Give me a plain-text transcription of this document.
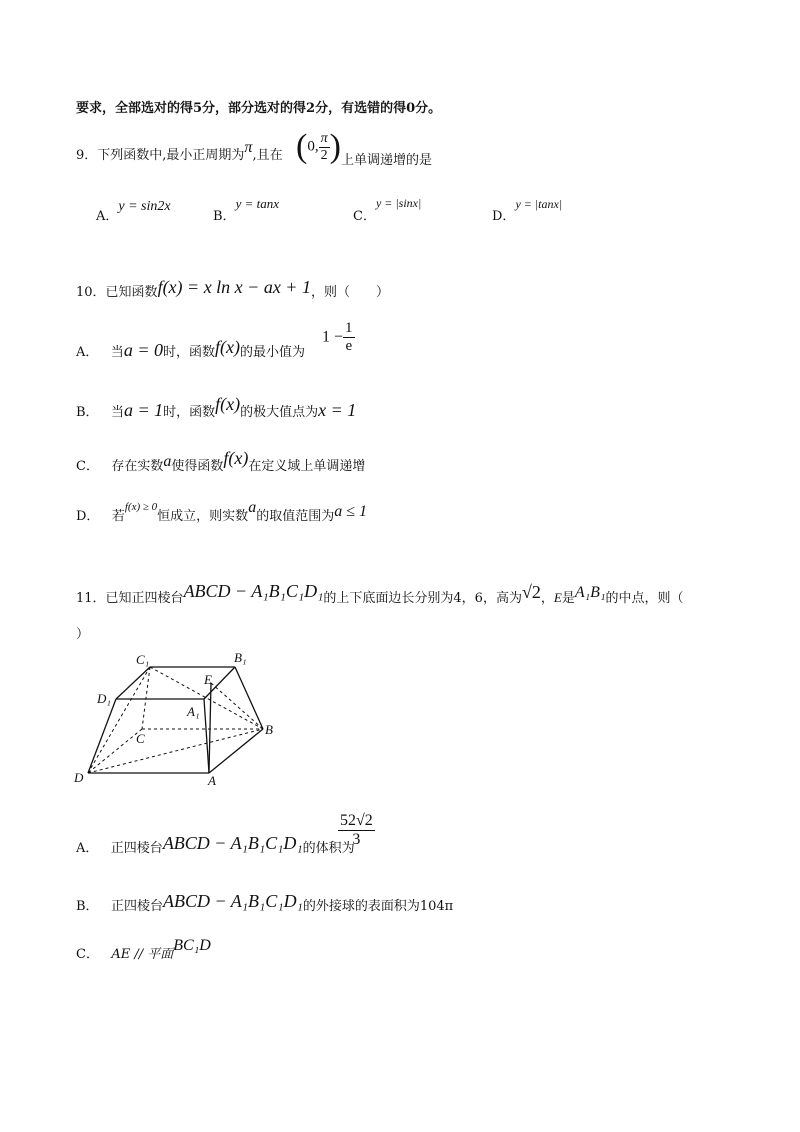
要求，全部选对的得5分，部分选对的得2分，有选错的得0分。
9．下列函数中,最小正周期为π,且在 (0, $\frac{\pi}{2}$ ) 上单调递增的是
A．y = sin2x
B．y = tanx
C．y = |sinx|
D．y = |tanx|
10．已知函数f(x) = x ln x − ax + 1，则（　　）
A． 当a = 0时，函数f(x)的最小值为
$1 - \frac{1}{e}$
B． 当a = 1时，函数f(x)的极大值点为x = 1
C． 存在实数a使得函数f(x)在定义域上单调递增
D． 若$^{f(x) \ge 0}$恒成立，则实数a的取值范围为a ≤ 1
11．已知正四棱台ABCD − A₁B₁C₁D₁的上下底面边长分别为4，6，高为√2，E是A₁B₁的中点，则（
）
C₁	B₁
E
D₁
A₁
C
B
D	A
A． 正四棱台ABCD − A₁B₁C₁D₁的体积为
$\frac{52√2}{3}$
B． 正四棱台ABCD − A₁B₁C₁D₁的外接球的表面积为104π
C． AE // 平面BC₁D
